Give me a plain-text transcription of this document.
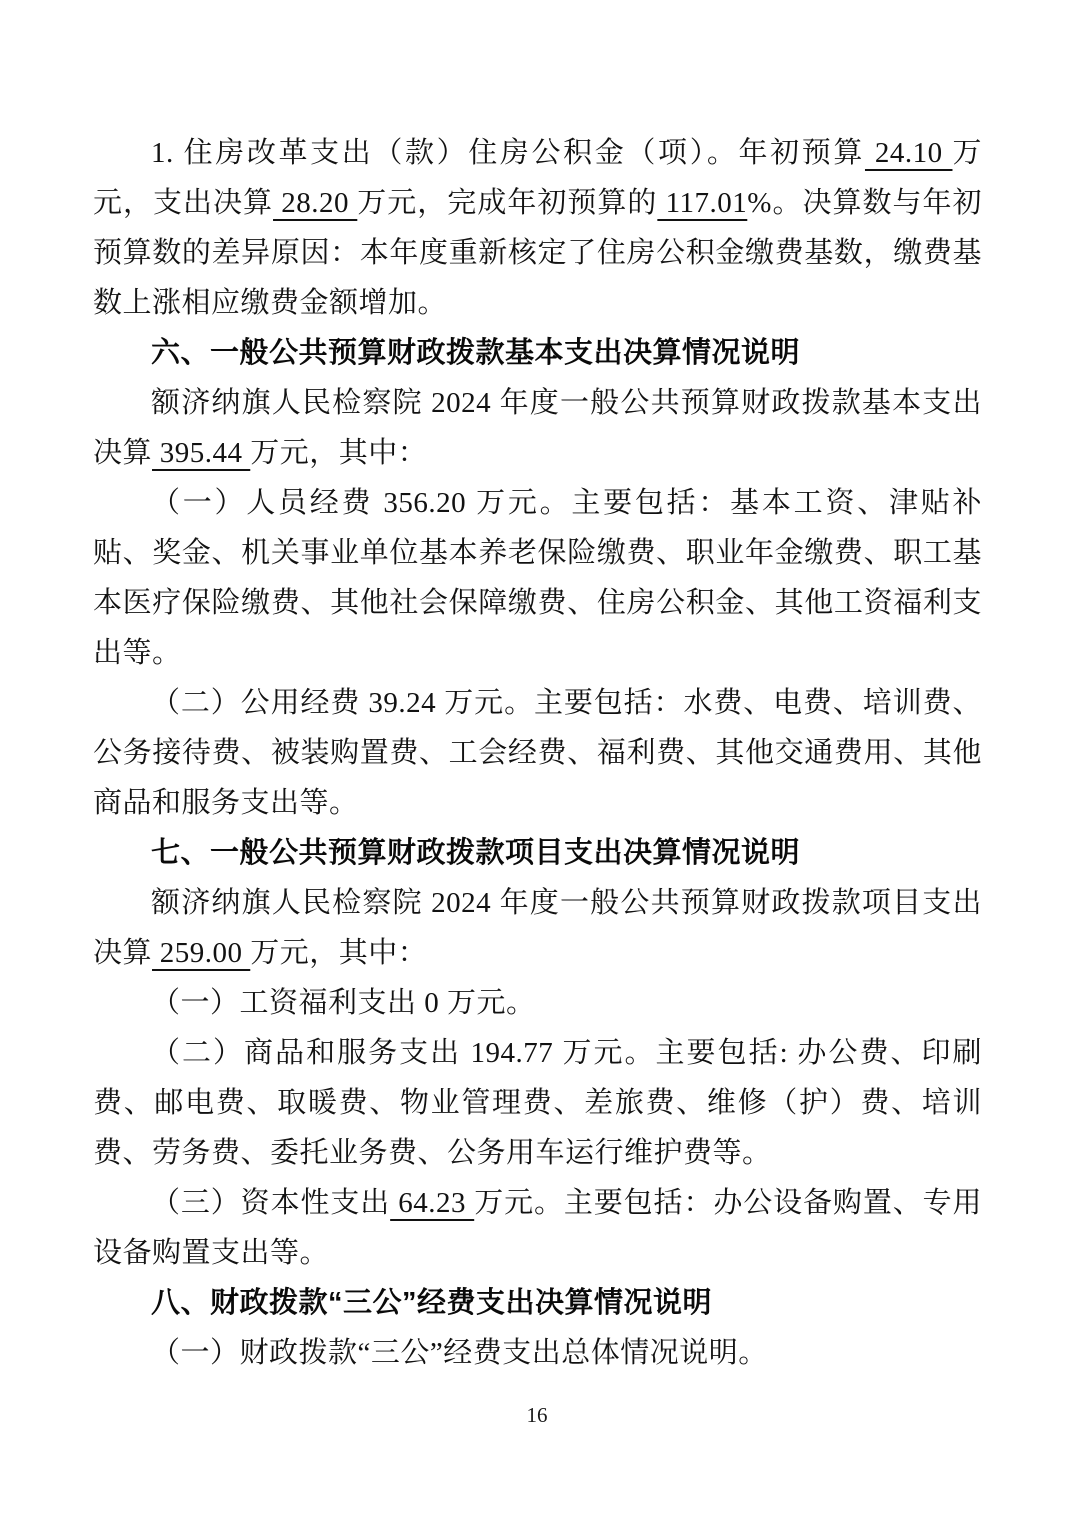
1. 住房改革支出（款）住房公积金（项）。年初预算 24.10 万元，支出决算 28.20 万元，完成年初预算的 117.01%。决算数与年初预算数的差异原因：本年度重新核定了住房公积金缴费基数，缴费基数上涨相应缴费金额增加。

六、一般公共预算财政拨款基本支出决算情况说明

额济纳旗人民检察院 2024 年度一般公共预算财政拨款基本支出决算 395.44 万元，其中：

（一）人员经费 356.20 万元。主要包括：基本工资、津贴补贴、奖金、机关事业单位基本养老保险缴费、职业年金缴费、职工基本医疗保险缴费、其他社会保障缴费、住房公积金、其他工资福利支出等。

（二）公用经费 39.24 万元。主要包括：水费、电费、培训费、公务接待费、被装购置费、工会经费、福利费、其他交通费用、其他商品和服务支出等。

七、一般公共预算财政拨款项目支出决算情况说明

额济纳旗人民检察院 2024 年度一般公共预算财政拨款项目支出决算 259.00 万元，其中：

（一）工资福利支出 0 万元。

（二）商品和服务支出 194.77 万元。主要包括: 办公费、印刷费、邮电费、取暖费、物业管理费、差旅费、维修（护）费、培训费、劳务费、委托业务费、公务用车运行维护费等。

（三）资本性支出 64.23 万元。主要包括：办公设备购置、专用设备购置支出等。

八、财政拨款“三公”经费支出决算情况说明

（一）财政拨款“三公”经费支出总体情况说明。

16
